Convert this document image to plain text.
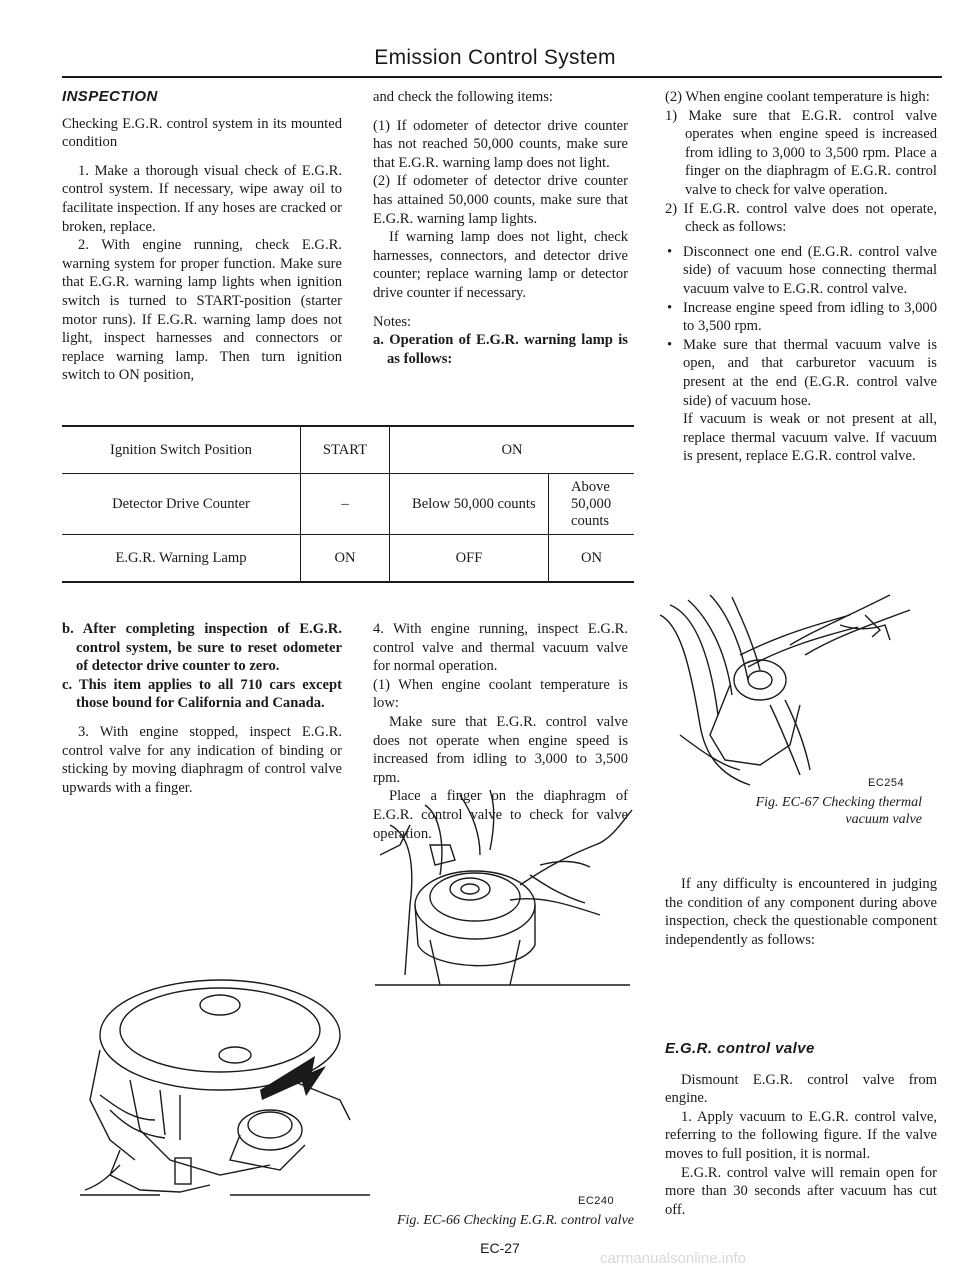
Emission Control System

INSPECTION

Checking E.G.R. control system in its mounted condition

1. Make a thorough visual check of E.G.R. control system. If necessary, wipe away oil to facilitate inspection. If any hoses are cracked or broken, replace.

2. With engine running, check E.G.R. warning system for proper function. Make sure that E.G.R. warning lamp lights when ignition switch is turned to START-position (starter motor runs). If E.G.R. warning lamp does not light, inspect harnesses and connectors or replace warning lamp. Then turn ignition switch to ON position,

and check the following items:

(1) If odometer of detector drive counter has not reached 50,000 counts, make sure that E.G.R. warning lamp does not light.

(2) If odometer of detector drive counter has attained 50,000 counts, make sure that E.G.R. warning lamp lights.

If warning lamp does not light, check harnesses, connectors, and detector drive counter; replace warning lamp or detector drive counter if necessary.

Notes:

a. Operation of E.G.R. warning lamp is as follows:

Ignition Switch Position	START	ON	
Detector Drive Counter	–	Below 50,000 counts	Above 50,000 counts
E.G.R. Warning Lamp	ON	OFF	ON

b. After completing inspection of E.G.R. control system, be sure to reset odometer of detector drive counter to zero.

c. This item applies to all 710 cars except those bound for California and Canada.

3. With engine stopped, inspect E.G.R. control valve for any indication of binding or sticking by moving diaphragm of control valve upwards with a finger.

4. With engine running, inspect E.G.R. control valve and thermal vacuum valve for normal operation.

(1) When engine coolant temperature is low:

Make sure that E.G.R. control valve does not operate when engine speed is increased from idling to 3,000 to 3,500 rpm.

Place a finger on the diaphragm of E.G.R. control valve to check for valve operation.

(2) When engine coolant temperature is high:

1) Make sure that E.G.R. control valve operates when engine speed is increased from idling to 3,000 to 3,500 rpm. Place a finger on the diaphragm of E.G.R. control valve to check for valve operation.

2) If E.G.R. control valve does not operate, check as follows:

• Disconnect one end (E.G.R. control valve side) of vacuum hose connecting thermal vacuum valve to E.G.R. control valve.

• Increase engine speed from idling to 3,000 to 3,500 rpm.

• Make sure that thermal vacuum valve is open, and that carburetor vacuum is present at the end (E.G.R. control valve side) of vacuum hose.

If vacuum is weak or not present at all, replace thermal vacuum valve. If vacuum is present, replace E.G.R. control valve.

EC254
Fig. EC-67 Checking thermal
vacuum valve

If any difficulty is encountered in judging the condition of any component during above inspection, check the questionable component independently as follows:

E.G.R. control valve

Dismount E.G.R. control valve from engine.

1. Apply vacuum to E.G.R. control valve, referring to the following figure. If the valve moves to full position, it is normal.

E.G.R. control valve will remain open for more than 30 seconds after vacuum has cut off.

EC240
Fig. EC-66 Checking E.G.R. control valve
EC-27
carmanualsonline.info
